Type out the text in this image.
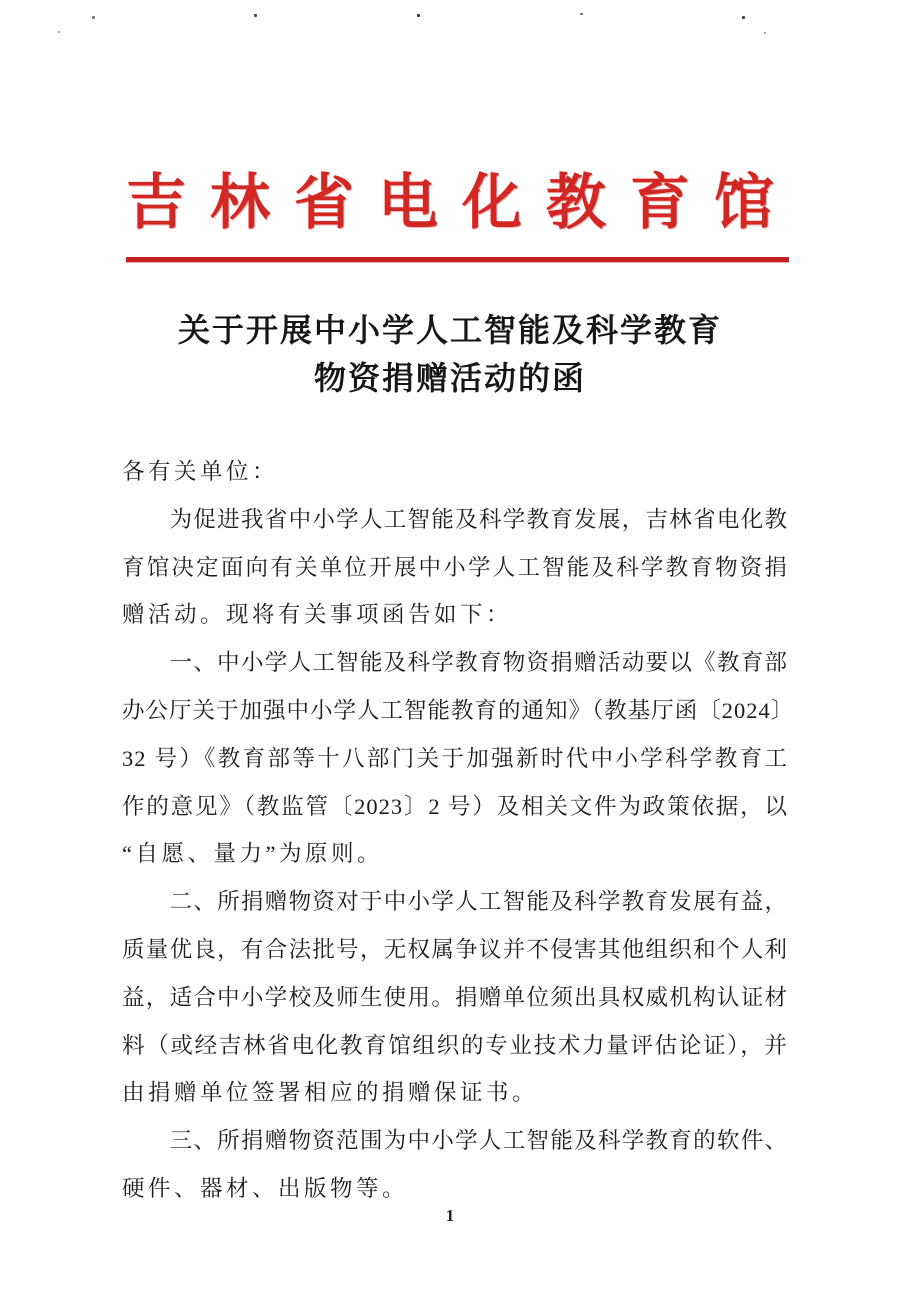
吉林省电化教育馆
关于开展中小学人工智能及科学教育
物资捐赠活动的函
各有关单位：
　　为促进我省中小学人工智能及科学教育发展，吉林省电化教
育馆决定面向有关单位开展中小学人工智能及科学教育物资捐
赠活动。现将有关事项函告如下：
　　一、中小学人工智能及科学教育物资捐赠活动要以《教育部
办公厅关于加强中小学人工智能教育的通知》（教基厅函〔2024〕
32 号）《教育部等十八部门关于加强新时代中小学科学教育工
作的意见》（教监管〔2023〕2 号）及相关文件为政策依据，以
“自愿、量力”为原则。
　　二、所捐赠物资对于中小学人工智能及科学教育发展有益，
质量优良，有合法批号，无权属争议并不侵害其他组织和个人利
益，适合中小学校及师生使用。捐赠单位须出具权威机构认证材
料（或经吉林省电化教育馆组织的专业技术力量评估论证），并
由捐赠单位签署相应的捐赠保证书。
　　三、所捐赠物资范围为中小学人工智能及科学教育的软件、
硬件、器材、出版物等。
1
